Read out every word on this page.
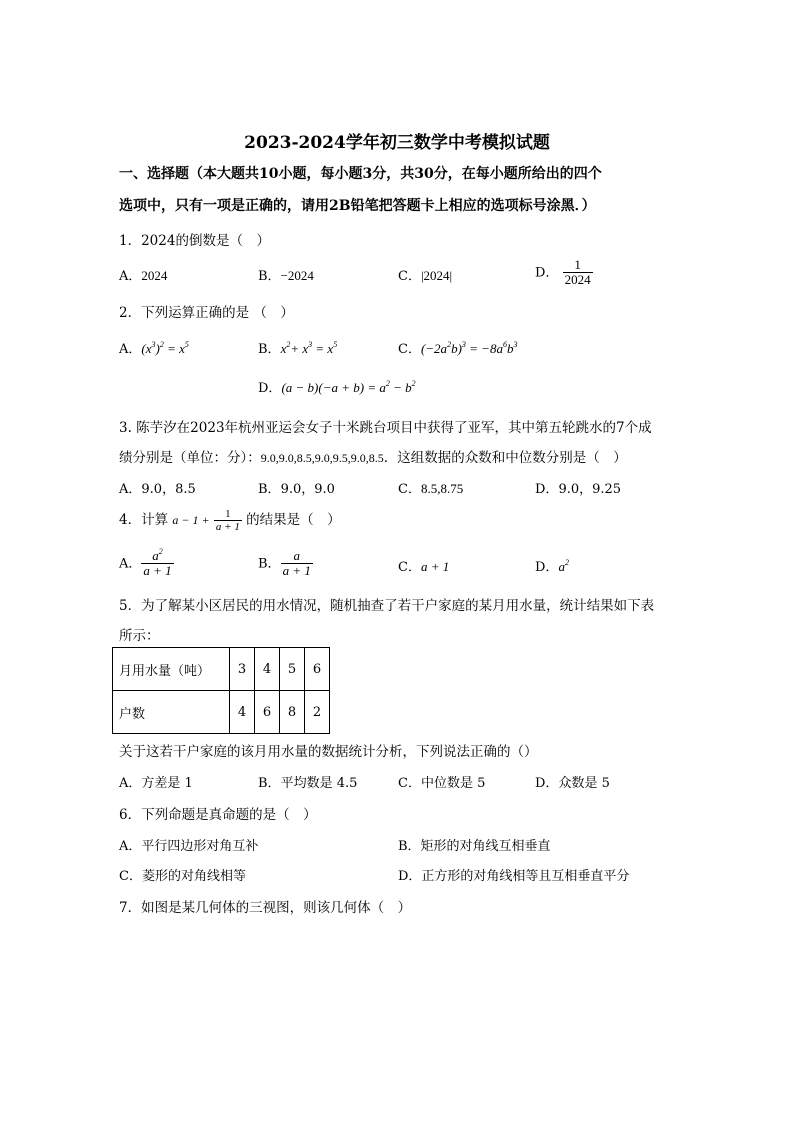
2023-2024学年初三数学中考模拟试题
一、选择题（本大题共10小题，每小题3分，共30分，在每小题所给出的四个
选项中，只有一项是正确的，请用2B铅笔把答题卡上相应的选项标号涂黑．）
1．2024的倒数是（　）
A．2024	B．−2024	C．|2024|	D． $\frac{1}{2024}$
2．下列运算正确的是 （　）
A．$(x^3)^2 = x^5$	B．$x^2+ x^3 = x^5$	C．$(-2a^2b)^3 = -8a^6b^3$
D．$(a - b)(-a + b) = a^2 - b^2$
3. 陈芋汐在2023年杭州亚运会女子十米跳台项目中获得了亚军，其中第五轮跳水的7个成
绩分别是（单位：分）：9.0,9.0,8.5,9.0,9.5,9.0,8.5．这组数据的众数和中位数分别是（　）
A．9.0，8.5	B．9.0，9.0	C．8.5,8.75	D．9.0，9.25
4．计算 $a - 1 + \frac{1}{a + 1}$ 的结果是（　）
A． $\frac{a^2}{a + 1}$	B． $\frac{a}{a + 1}$	C．a + 1	D．$a^2$
5．为了解某小区居民的用水情况，随机抽查了若干户家庭的某月用水量，统计结果如下表
所示：
月用水量（吨）	3	4	5	6
户数	4	6	8	2
关于这若干户家庭的该月用水量的数据统计分析，下列说法正确的（）
A．方差是 1	B．平均数是 4.5	C．中位数是 5	D．众数是 5
6．下列命题是真命题的是（　）
A．平行四边形对角互补	B．矩形的对角线互相垂直
C．菱形的对角线相等	D．正方形的对角线相等且互相垂直平分
7．如图是某几何体的三视图，则该几何体（　）
